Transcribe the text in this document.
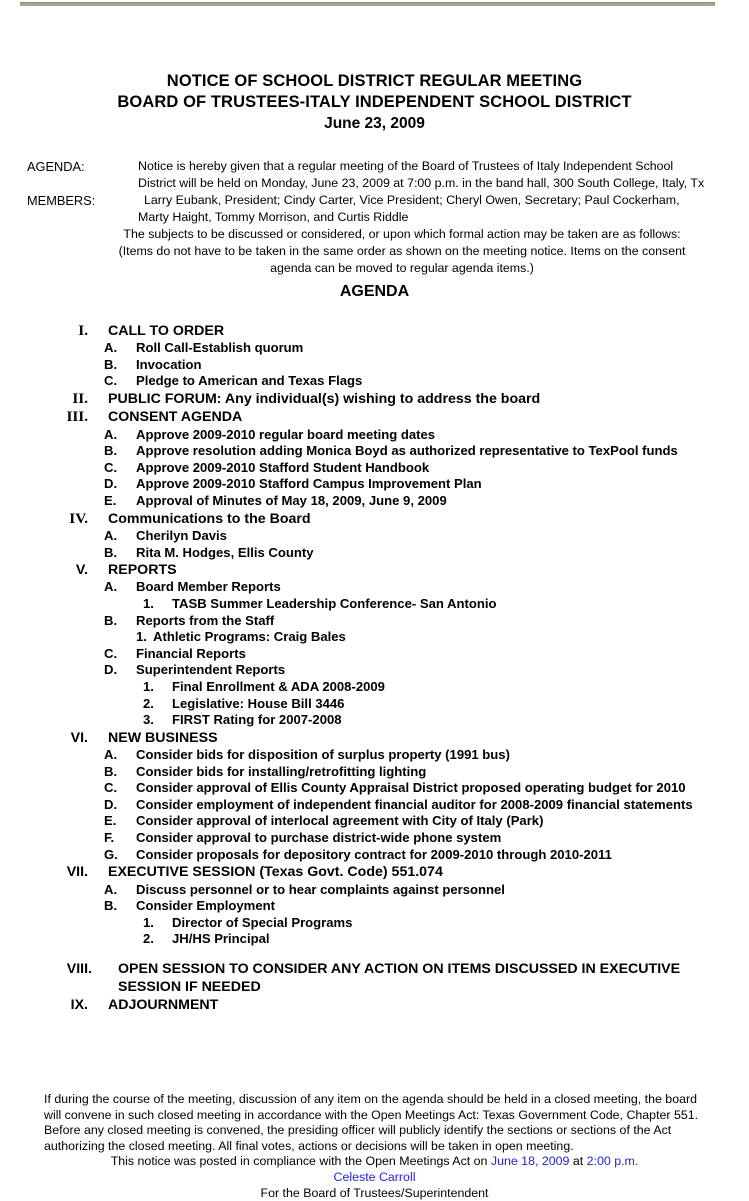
NOTICE OF SCHOOL DISTRICT REGULAR MEETING
BOARD OF TRUSTEES-ITALY INDEPENDENT SCHOOL DISTRICT
June 23, 2009
AGENDA:	Notice is hereby given that a regular meeting of the Board of Trustees of Italy Independent School
District will be held on Monday, June 23, 2009 at 7:00 p.m. in the band hall, 300 South College, Italy, Tx
MEMBERS:	Larry Eubank, President; Cindy Carter, Vice President; Cheryl Owen, Secretary; Paul Cockerham,
Marty Haight, Tommy Morrison, and Curtis Riddle
The subjects to be discussed or considered, or upon which formal action may be taken are as follows:
(Items do not have to be taken in the same order as shown on the meeting notice. Items on the consent
agenda can be moved to regular agenda items.)
AGENDA
I. CALL TO ORDER
A.	Roll Call-Establish quorum
B.	Invocation
C.	Pledge to American and Texas Flags
II. PUBLIC FORUM: Any individual(s) wishing to address the board
III. CONSENT AGENDA
A.	Approve 2009-2010 regular board meeting dates
B.	Approve resolution adding Monica Boyd as authorized representative to TexPool funds
C.	Approve 2009-2010 Stafford Student Handbook
D.	Approve 2009-2010 Stafford Campus Improvement Plan
E.	Approval of Minutes of May 18, 2009, June 9, 2009
IV. Communications to the Board
A.	Cherilyn Davis
B.	Rita M. Hodges, Ellis County
V. REPORTS
A.	Board Member Reports
1.	TASB Summer Leadership Conference- San Antonio
B.	Reports from the Staff
1. Athletic Programs: Craig Bales
C.	Financial Reports
D.	Superintendent Reports
1.	Final Enrollment & ADA 2008-2009
2.	Legislative: House Bill 3446
3.	FIRST Rating for 2007-2008
VI. NEW BUSINESS
A.	Consider bids for disposition of surplus property (1991 bus)
B.	Consider bids for installing/retrofitting lighting
C.	Consider approval of Ellis County Appraisal District proposed operating budget for 2010
D.	Consider employment of independent financial auditor for 2008-2009 financial statements
E.	Consider approval of interlocal agreement with City of Italy (Park)
F.	Consider approval to purchase district-wide phone system
G.	Consider proposals for depository contract for 2009-2010 through 2010-2011
VII. EXECUTIVE SESSION (Texas Govt. Code) 551.074
A.	Discuss personnel or to hear complaints against personnel
B.	Consider Employment
1.	Director of Special Programs
2.	JH/HS Principal
VIII. OPEN SESSION TO CONSIDER ANY ACTION ON ITEMS DISCUSSED IN EXECUTIVE SESSION IF NEEDED
IX. ADJOURNMENT
If during the course of the meeting, discussion of any item on the agenda should be held in a closed meeting, the board will convene in such closed meeting in accordance with the Open Meetings Act: Texas Government Code, Chapter 551. Before any closed meeting is convened, the presiding officer will publicly identify the sections or sections of the Act authorizing the closed meeting. All final votes, actions or decisions will be taken in open meeting.
This notice was posted in compliance with the Open Meetings Act on June 18, 2009 at 2:00 p.m.
Celeste Carroll
For the Board of Trustees/Superintendent
